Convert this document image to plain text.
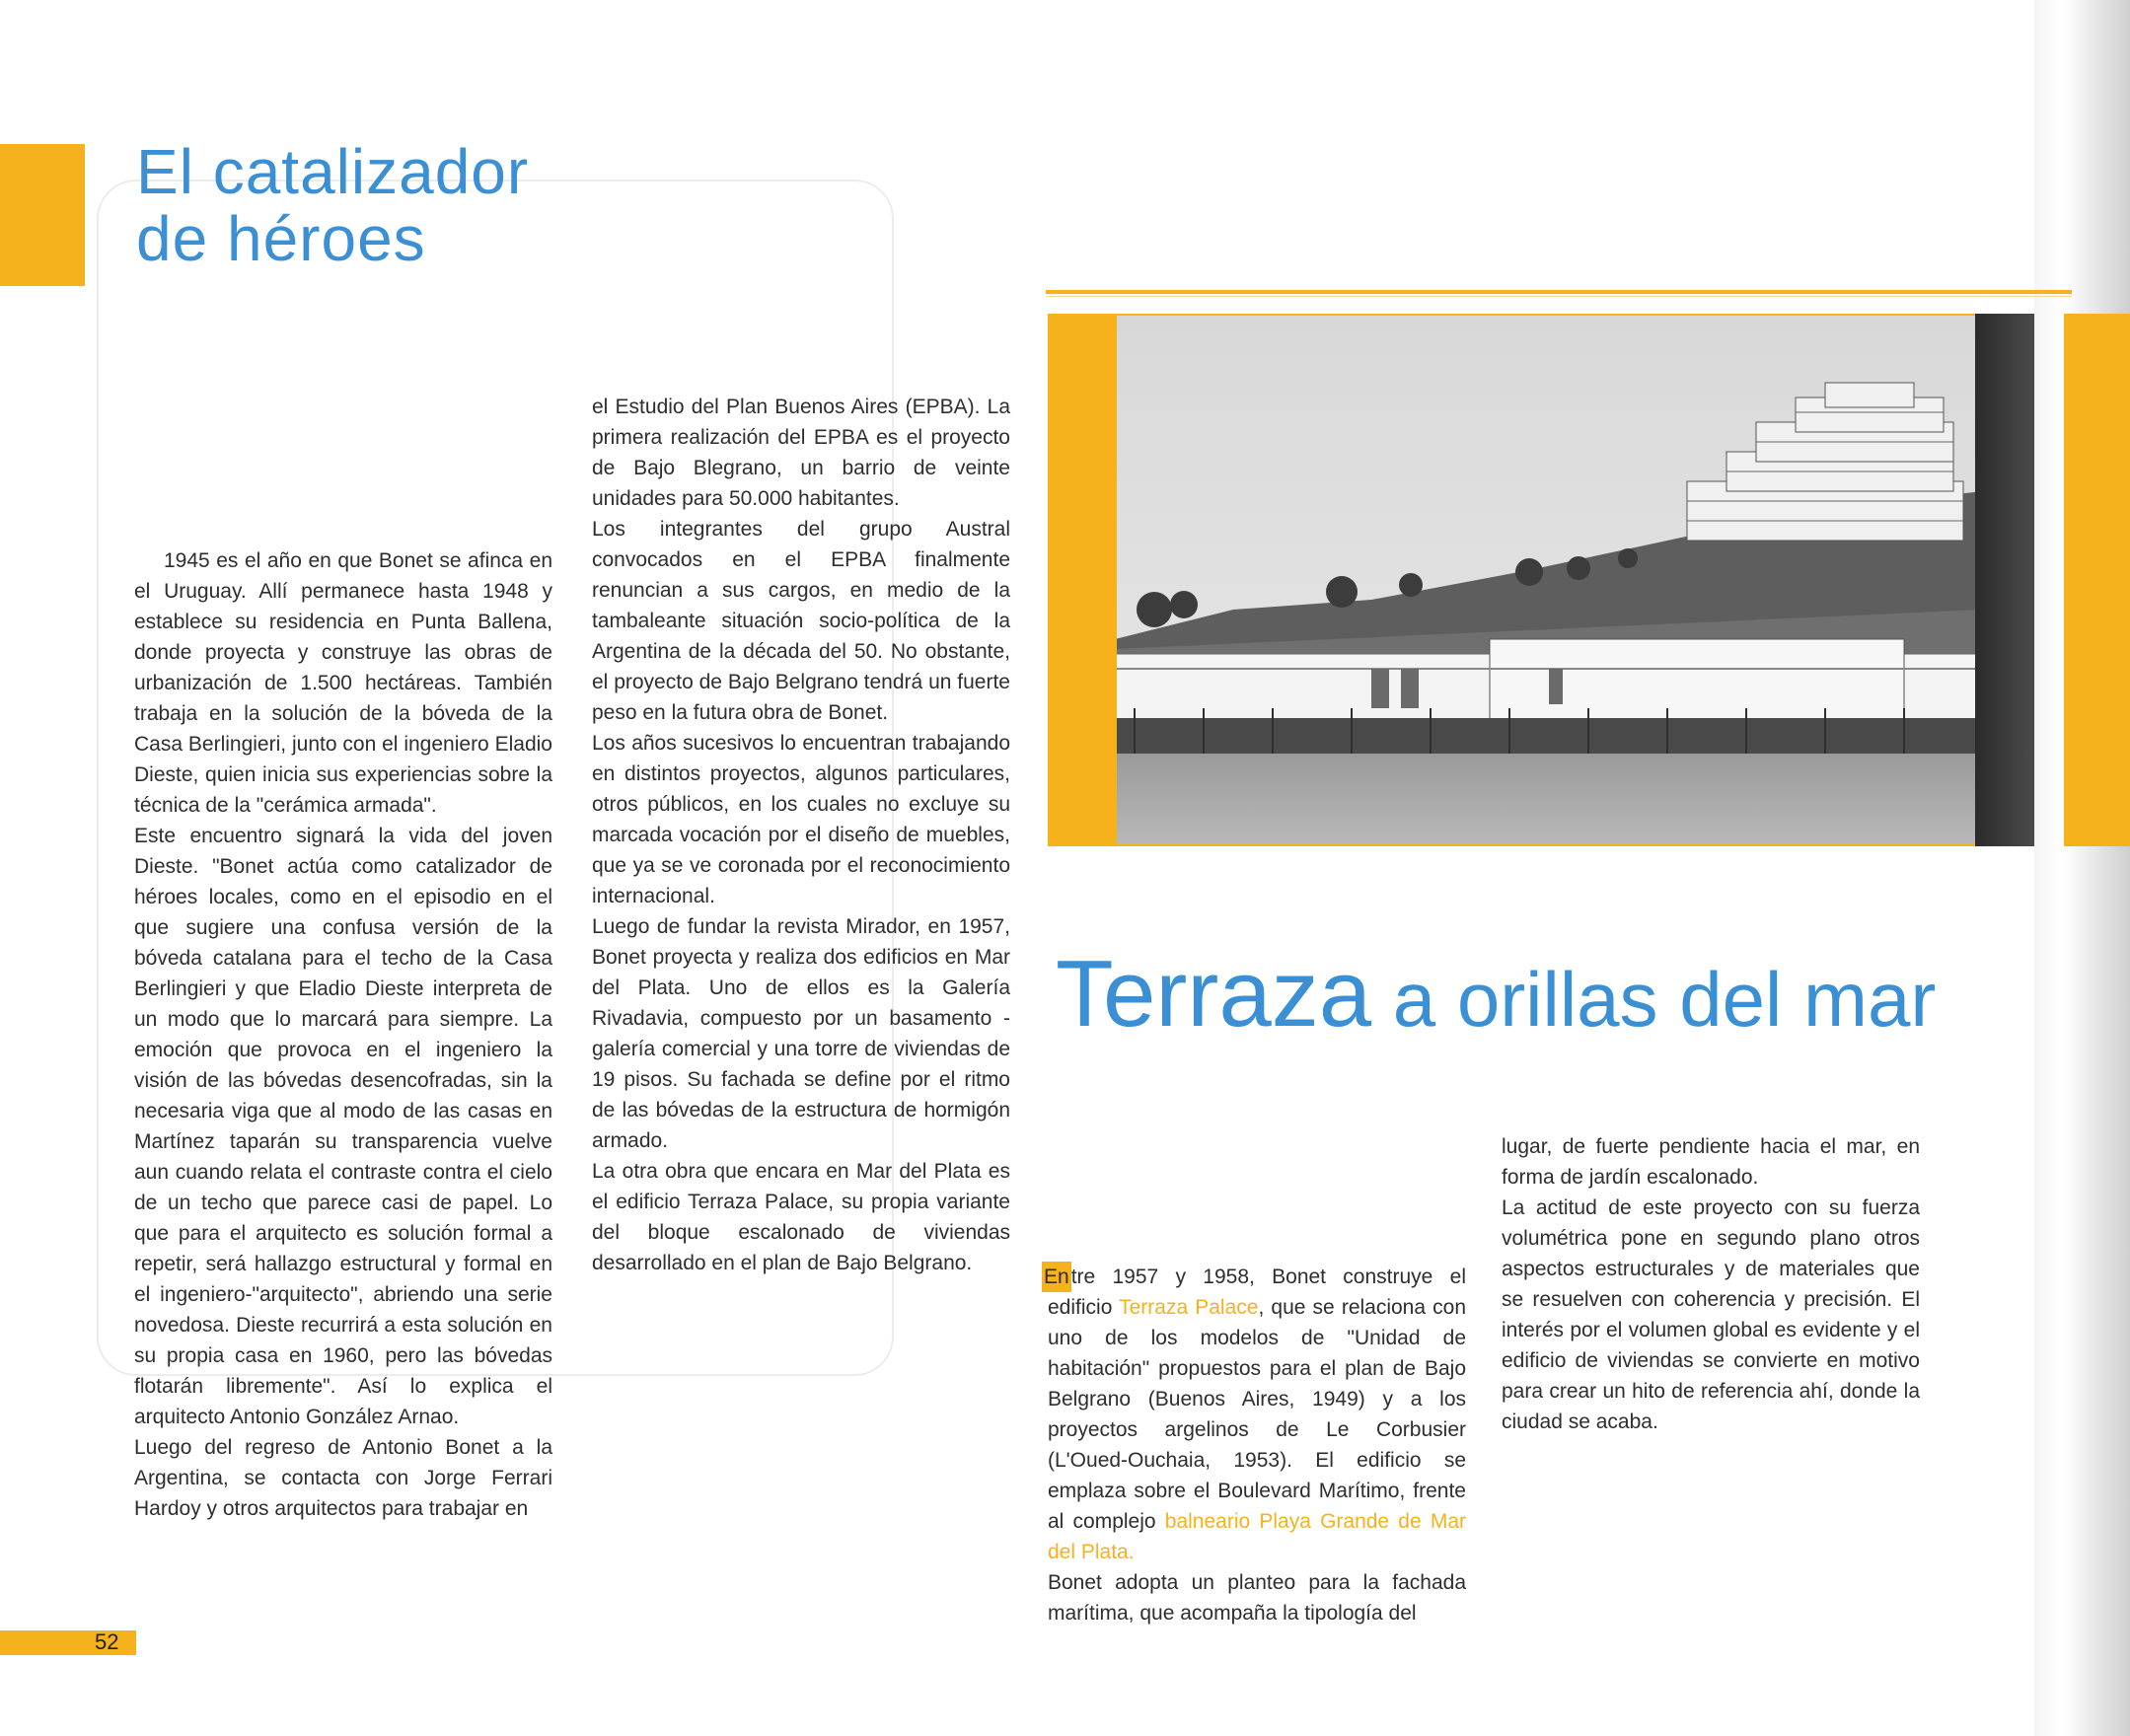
El catalizador
de héroes

1945 es el año en que Bonet se afinca en el Uruguay. Allí permanece hasta 1948 y establece su residencia en Punta Ballena, donde proyecta y construye las obras de urbanización de 1.500 hectáreas. También trabaja en la solución de la bóveda de la Casa Berlingieri, junto con el ingeniero Eladio Dieste, quien inicia sus experiencias sobre la técnica de la "cerámica armada".

Este encuentro signará la vida del joven Dieste. "Bonet actúa como catalizador de héroes locales, como en el episodio en el que sugiere una confusa versión de la bóveda catalana para el techo de la Casa Berlingieri y que Eladio Dieste interpreta de un modo que lo marcará para siempre. La emoción que provoca en el ingeniero la visión de las bóvedas desencofradas, sin la necesaria viga que al modo de las casas en Martínez taparán su transparencia vuelve aun cuando relata el contraste contra el cielo de un techo que parece casi de papel. Lo que para el arquitecto es solución formal a repetir, será hallazgo estructural y formal en el ingeniero-"arquitecto", abriendo una serie novedosa. Dieste recurrirá a esta solución en su propia casa en 1960, pero las bóvedas flotarán libremente". Así lo explica el arquitecto Antonio González Arnao.

Luego del regreso de Antonio Bonet a la Argentina, se contacta con Jorge Ferrari Hardoy y otros arquitectos para trabajar en

el Estudio del Plan Buenos Aires (EPBA). La primera realización del EPBA es el proyecto de Bajo Blegrano, un barrio de veinte unidades para 50.000 habitantes.

Los integrantes del grupo Austral convocados en el EPBA finalmente renuncian a sus cargos, en medio de la tambaleante situación socio-política de la Argentina de la década del 50. No obstante, el proyecto de Bajo Belgrano tendrá un fuerte peso en la futura obra de Bonet.

Los años sucesivos lo encuentran trabajando en distintos proyectos, algunos particulares, otros públicos, en los cuales no excluye su marcada vocación por el diseño de muebles, que ya se ve coronada por el reconocimiento internacional.

Luego de fundar la revista Mirador, en 1957, Bonet proyecta y realiza dos edificios en Mar del Plata. Uno de ellos es la Galería Rivadavia, compuesto por un basamento - galería comercial y una torre de viviendas de 19 pisos. Su fachada se define por el ritmo de las bóvedas de la estructura de hormigón armado.

La otra obra que encara en Mar del Plata es el edificio Terraza Palace, su propia variante del bloque escalonado de viviendas desarrollado en el plan de Bajo Belgrano.

52
Terraza a orillas del mar

Entre 1957 y 1958, Bonet construye el edificio Terraza Palace, que se relaciona con uno de los modelos de "Unidad de habitación" propuestos para el plan de Bajo Belgrano (Buenos Aires, 1949) y a los proyectos argelinos de Le Corbusier (L'Oued-Ouchaia, 1953). El edificio se emplaza sobre el Boulevard Marítimo, frente al complejo balneario Playa Grande de Mar del Plata.

Bonet adopta un planteo para la fachada marítima, que acompaña la tipología del

lugar, de fuerte pendiente hacia el mar, en forma de jardín escalonado.

La actitud de este proyecto con su fuerza volumétrica pone en segundo plano otros aspectos estructurales y de materiales que se resuelven con coherencia y precisión. El interés por el volumen global es evidente y el edificio de viviendas se convierte en motivo para crear un hito de referencia ahí, donde la ciudad se acaba.
